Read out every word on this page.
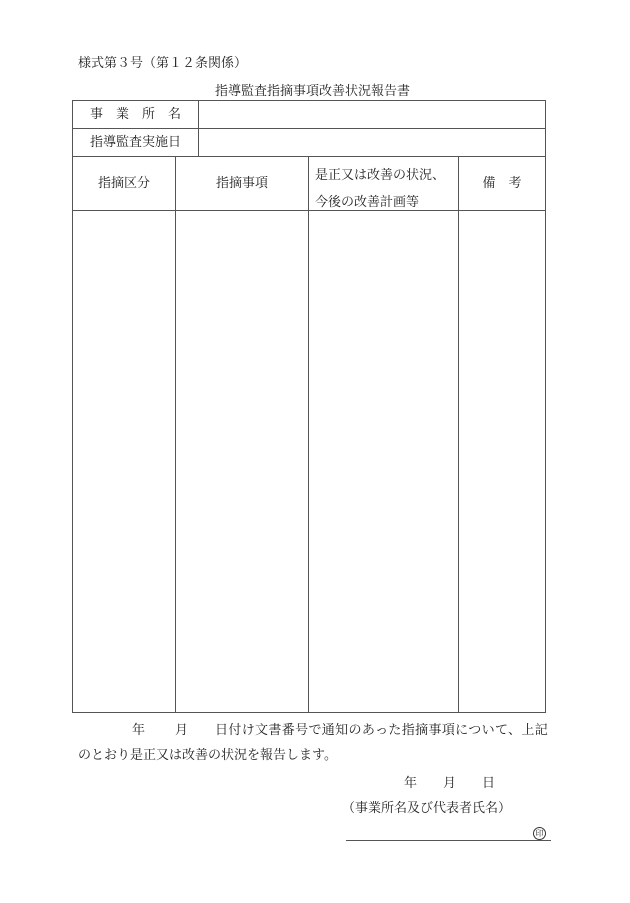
様式第３号（第１２条関係）
指導監査指摘事項改善状況報告書
事　業　所　名
指導監査実施日
指摘区分	指摘事項
是正又は改善の状況、
今後の改善計画等
備　考
年 月 日付け文書番号で通知のあった指摘事項について、上記
のとおり是正又は改善の状況を報告します。
年　　月　　日
（事業所名及び代表者氏名）
印
